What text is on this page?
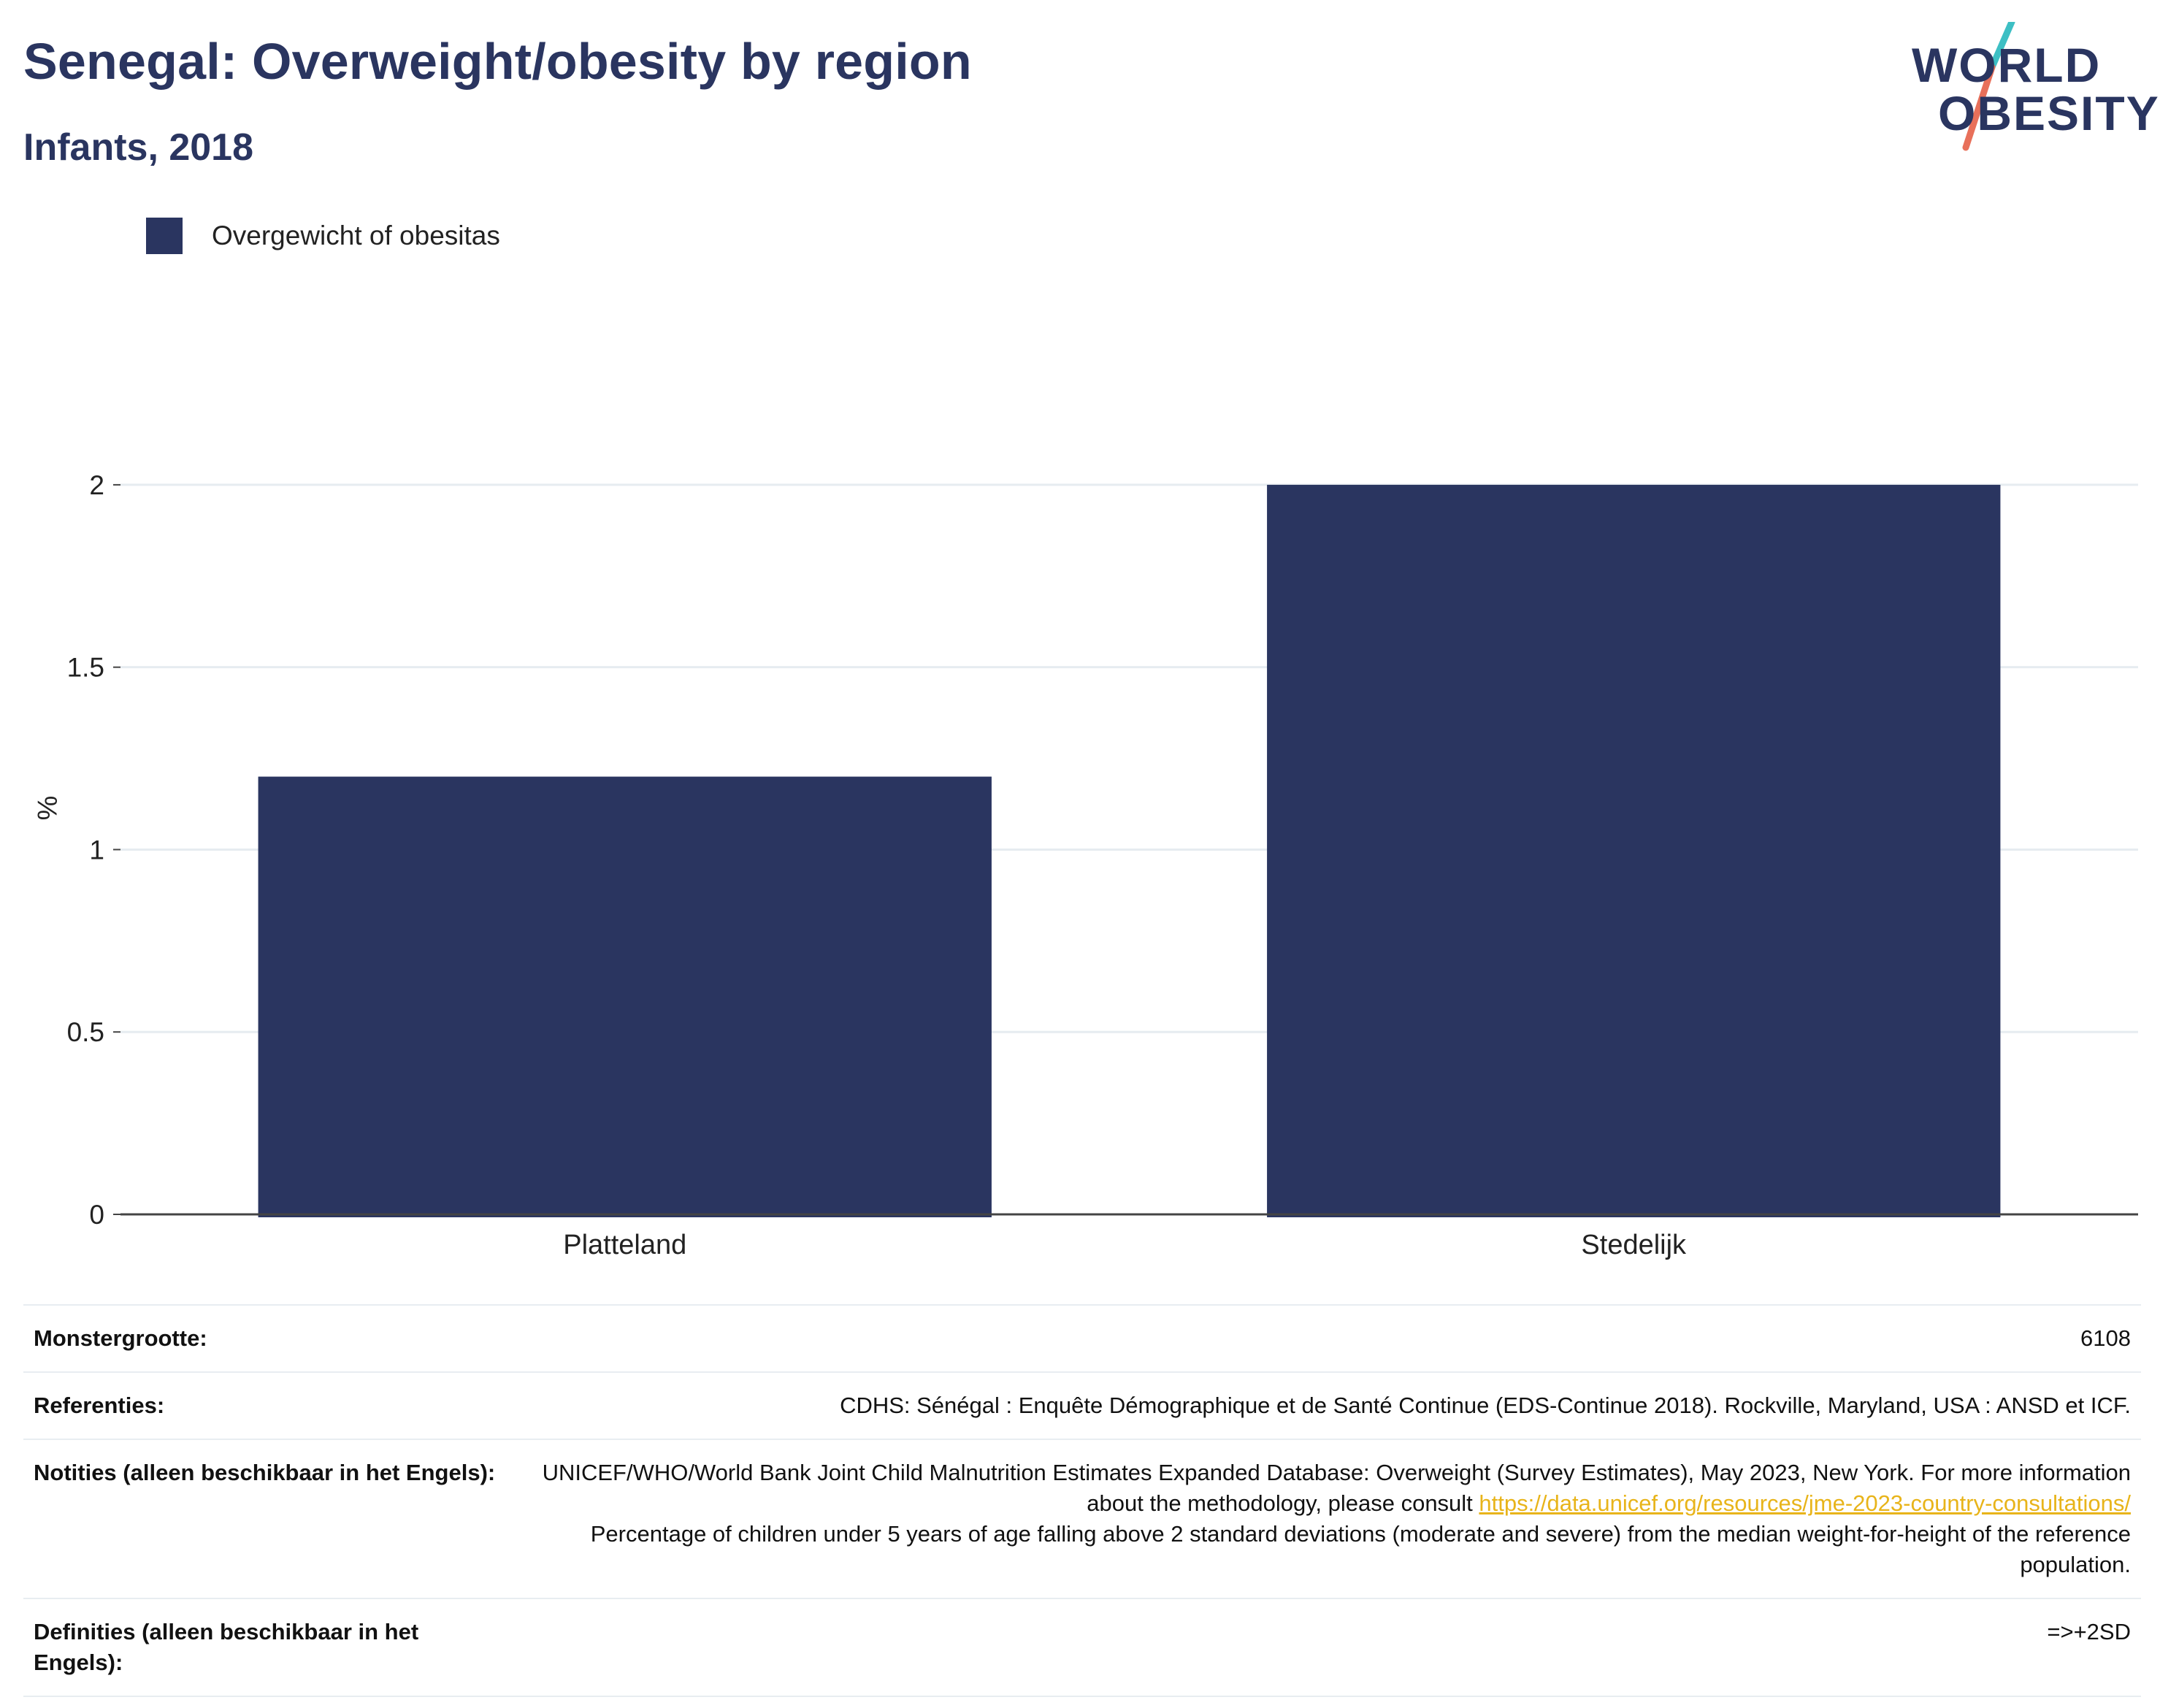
Senegal: Overweight/obesity by region
Infants, 2018
WORLD
OBESITY
Overgewicht of obesitas
%
0
0.5
1
1.5
2
Platteland	Stedelijk
Monstergrootte:	6108
Referenties:	CDHS: Sénégal : Enquête Démographique et de Santé Continue (EDS-Continue 2018). Rockville, Maryland, USA : ANSD et ICF.
Notities (alleen beschikbaar in het Engels):	UNICEF/WHO/World Bank Joint Child Malnutrition Estimates Expanded Database: Overweight (Survey Estimates), May 2023, New York. For more information about the methodology, please consult https://data.unicef.org/resources/jme-2023-country-consultations/
Percentage of children under 5 years of age falling above 2 standard deviations (moderate and severe) from the median weight-for-height of the reference population.
Definities (alleen beschikbaar in het Engels):	=>+2SD
